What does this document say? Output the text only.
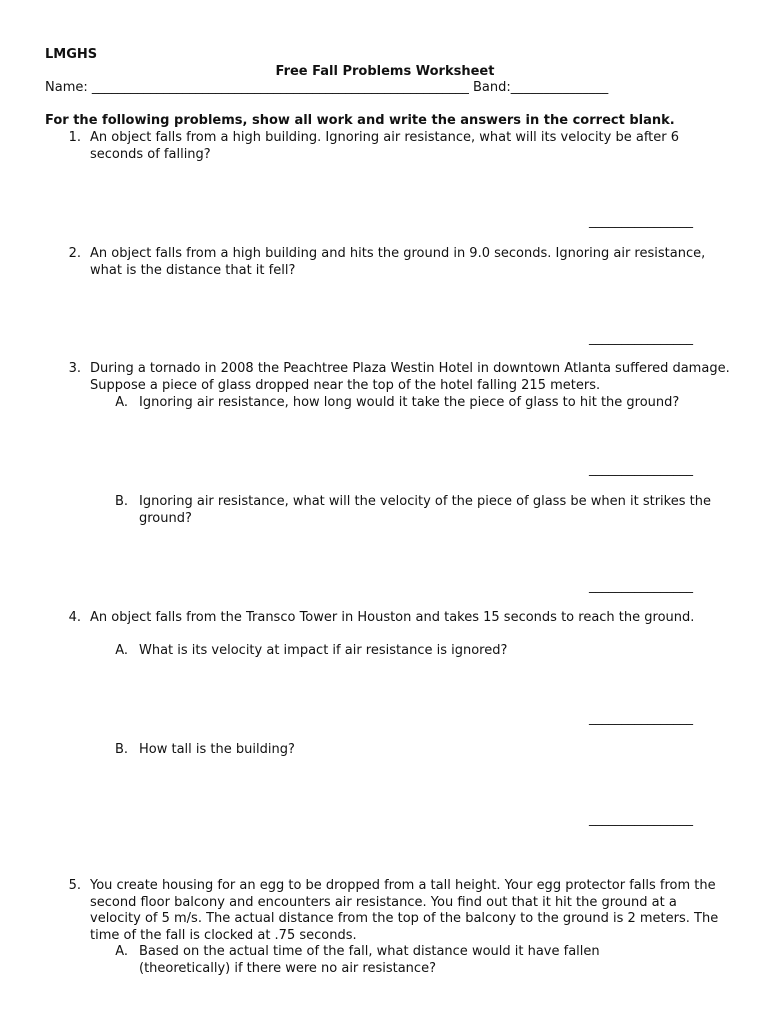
LMGHS
Free Fall Problems Worksheet
Name: __________________________________________________________ Band:_______________
For the following problems, show all work and write the answers in the correct blank.
1. An object falls from a high building. Ignoring air resistance, what will its velocity be after 6 seconds of falling?
________________
2. An object falls from a high building and hits the ground in 9.0 seconds. Ignoring air resistance, what is the distance that it fell?
________________
3. During a tornado in 2008 the Peachtree Plaza Westin Hotel in downtown Atlanta suffered damage. Suppose a piece of glass dropped near the top of the hotel falling 215 meters.
A. Ignoring air resistance, how long would it take the piece of glass to hit the ground?
________________
B. Ignoring air resistance, what will the velocity of the piece of glass be when it strikes the ground?
________________
4. An object falls from the Transco Tower in Houston and takes 15 seconds to reach the ground.
A. What is its velocity at impact if air resistance is ignored?
________________
B. How tall is the building?
________________
5. You create housing for an egg to be dropped from a tall height. Your egg protector falls from the second floor balcony and encounters air resistance. You find out that it hit the ground at a velocity of 5 m/s. The actual distance from the top of the balcony to the ground is 2 meters. The time of the fall is clocked at .75 seconds.
A. Based on the actual time of the fall, what distance would it have fallen (theoretically) if there were no air resistance?
